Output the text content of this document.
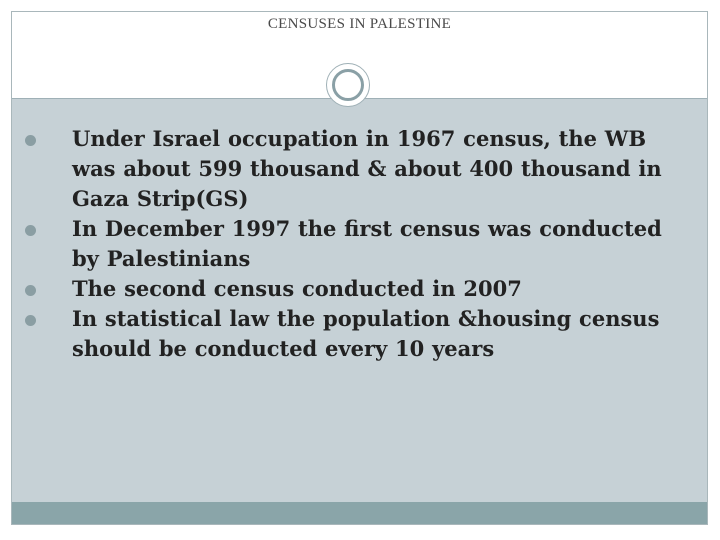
CENSUSES IN PALESTINE
Under Israel occupation in 1967 census, the WB was about 599 thousand & about 400 thousand in Gaza Strip(GS)
In December 1997 the first census was conducted by Palestinians
The second census conducted in 2007
In statistical law the population &housing census should be conducted every 10 years
